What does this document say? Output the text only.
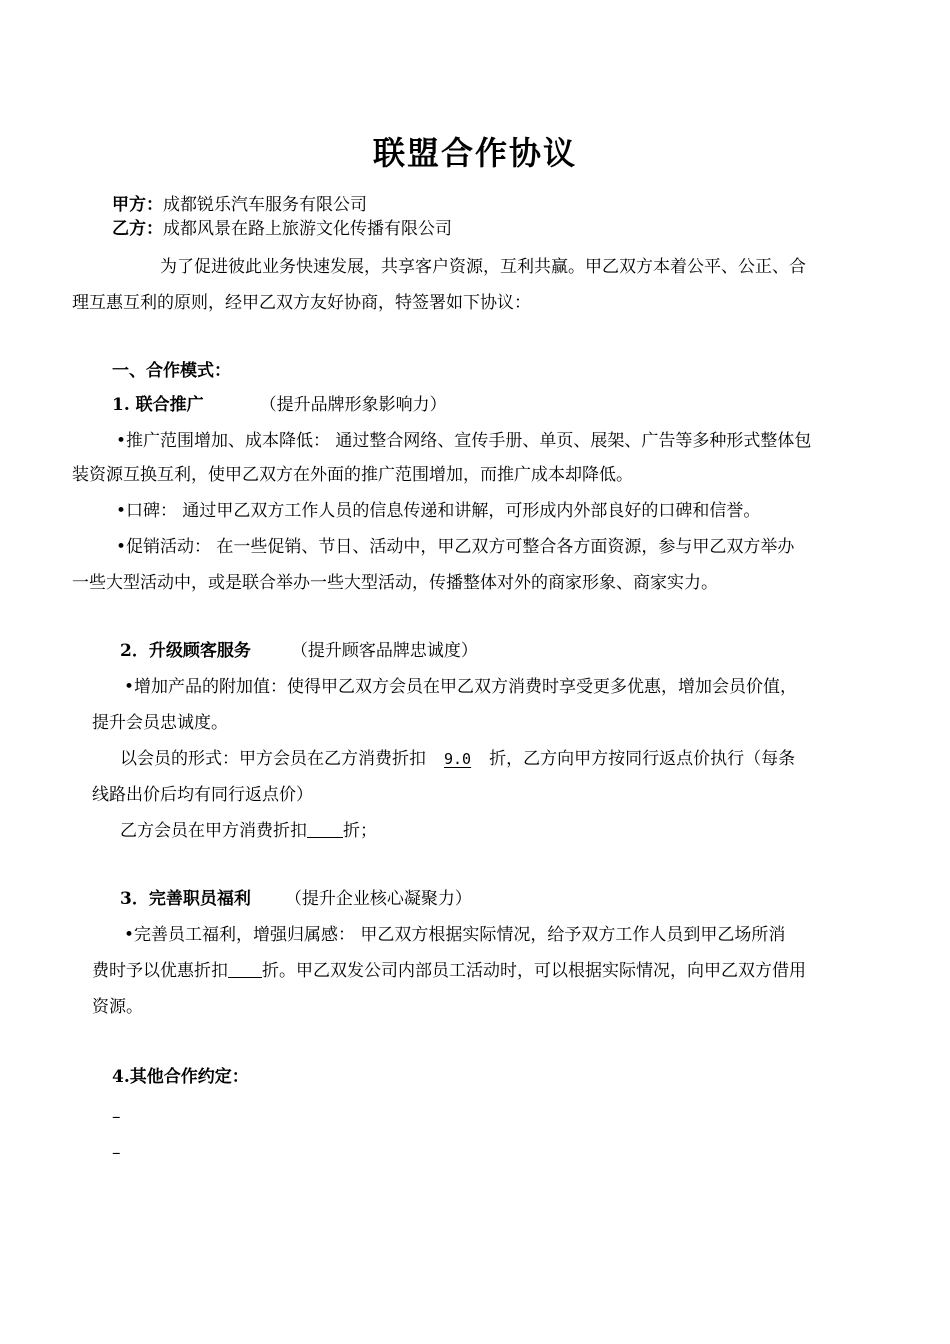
联盟合作协议
甲方：成都锐乐汽车服务有限公司
乙方：成都风景在路上旅游文化传播有限公司
为了促进彼此业务快速发展，共享客户资源，互利共赢。甲乙双方本着公平、公正、合
理互惠互利的原则，经甲乙双方友好协商，特签署如下协议：
一、合作模式：
1. 联合推广	（提升品牌形象影响力）
•推广范围增加、成本降低： 通过整合网络、宣传手册、单页、展架、广告等多种形式整体包
装资源互换互利，使甲乙双方在外面的推广范围增加，而推广成本却降低。
•口碑： 通过甲乙双方工作人员的信息传递和讲解，可形成内外部良好的口碑和信誉。
•促销活动： 在一些促销、节日、活动中，甲乙双方可整合各方面资源，参与甲乙双方举办
一些大型活动中，或是联合举办一些大型活动，传播整体对外的商家形象、商家实力。
2．升级顾客服务 （提升顾客品牌忠诚度）
•增加产品的附加值：使得甲乙双方会员在甲乙双方消费时享受更多优惠，增加会员价值，
提升会员忠诚度。
以会员的形式：甲方会员在乙方消费折扣 9.0 折，乙方向甲方按同行返点价执行（每条
线路出价后均有同行返点价）
乙方会员在甲方消费折扣 折；
3．完善职员福利 （提升企业核心凝聚力）
•完善员工福利，增强归属感： 甲乙双方根据实际情况，给予双方工作人员到甲乙场所消
费时予以优惠折扣 折。甲乙双发公司内部员工活动时，可以根据实际情况，向甲乙双方借用
资源。
4.其他合作约定：
–
–
